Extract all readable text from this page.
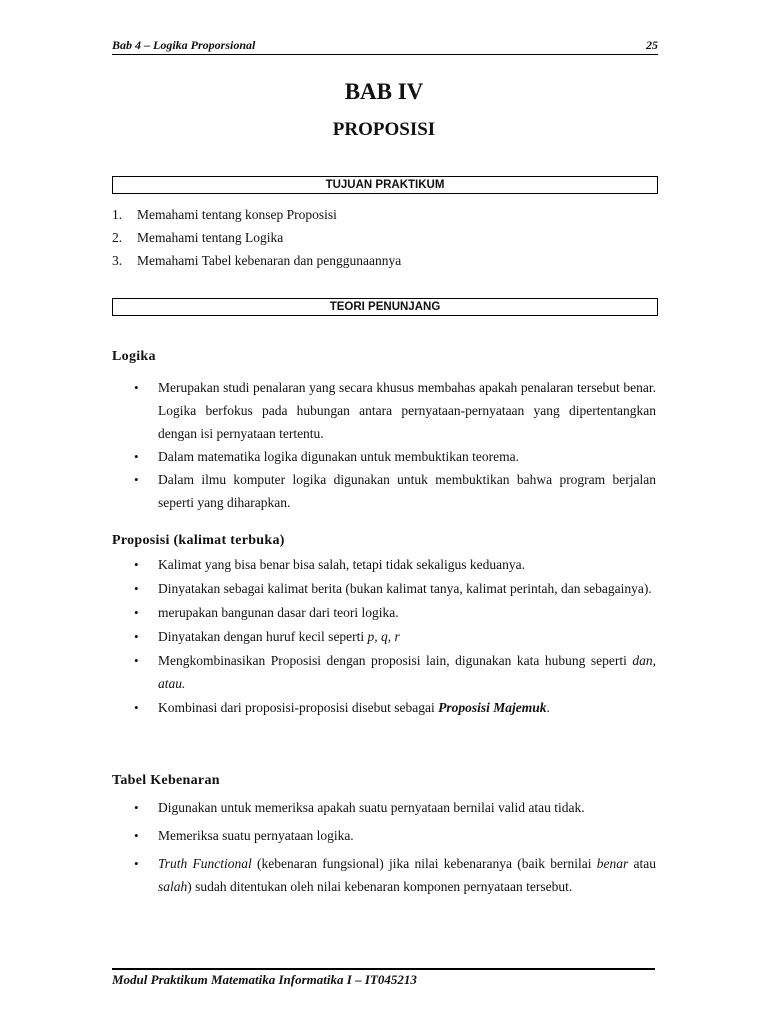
Bab 4 – Logika Proporsional	25
BAB IV
PROPOSISI
TUJUAN PRAKTIKUM
1. Memahami tentang konsep Proposisi
2. Memahami tentang Logika
3. Memahami Tabel kebenaran dan penggunaannya
TEORI PENUNJANG
Logika
• Merupakan studi penalaran yang secara khusus membahas apakah penalaran tersebut benar. Logika berfokus pada hubungan antara pernyataan-pernyataan yang dipertentangkan dengan isi pernyataan tertentu.
• Dalam matematika logika digunakan untuk membuktikan teorema.
• Dalam ilmu komputer logika digunakan untuk membuktikan bahwa program berjalan seperti yang diharapkan.
Proposisi (kalimat terbuka)
• Kalimat yang bisa benar bisa salah, tetapi tidak sekaligus keduanya.
• Dinyatakan sebagai kalimat berita (bukan kalimat tanya, kalimat perintah, dan sebagainya).
• merupakan bangunan dasar dari teori logika.
• Dinyatakan dengan huruf kecil seperti p, q, r
• Mengkombinasikan Proposisi dengan proposisi lain, digunakan kata hubung seperti dan, atau.
• Kombinasi dari proposisi-proposisi disebut sebagai Proposisi Majemuk.
Tabel Kebenaran
• Digunakan untuk memeriksa apakah suatu pernyataan bernilai valid atau tidak.
• Memeriksa suatu pernyataan logika.
• Truth Functional (kebenaran fungsional) jika nilai kebenaranya (baik bernilai benar atau salah) sudah ditentukan oleh nilai kebenaran komponen pernyataan tersebut.
Modul Praktikum Matematika Informatika I – IT045213
